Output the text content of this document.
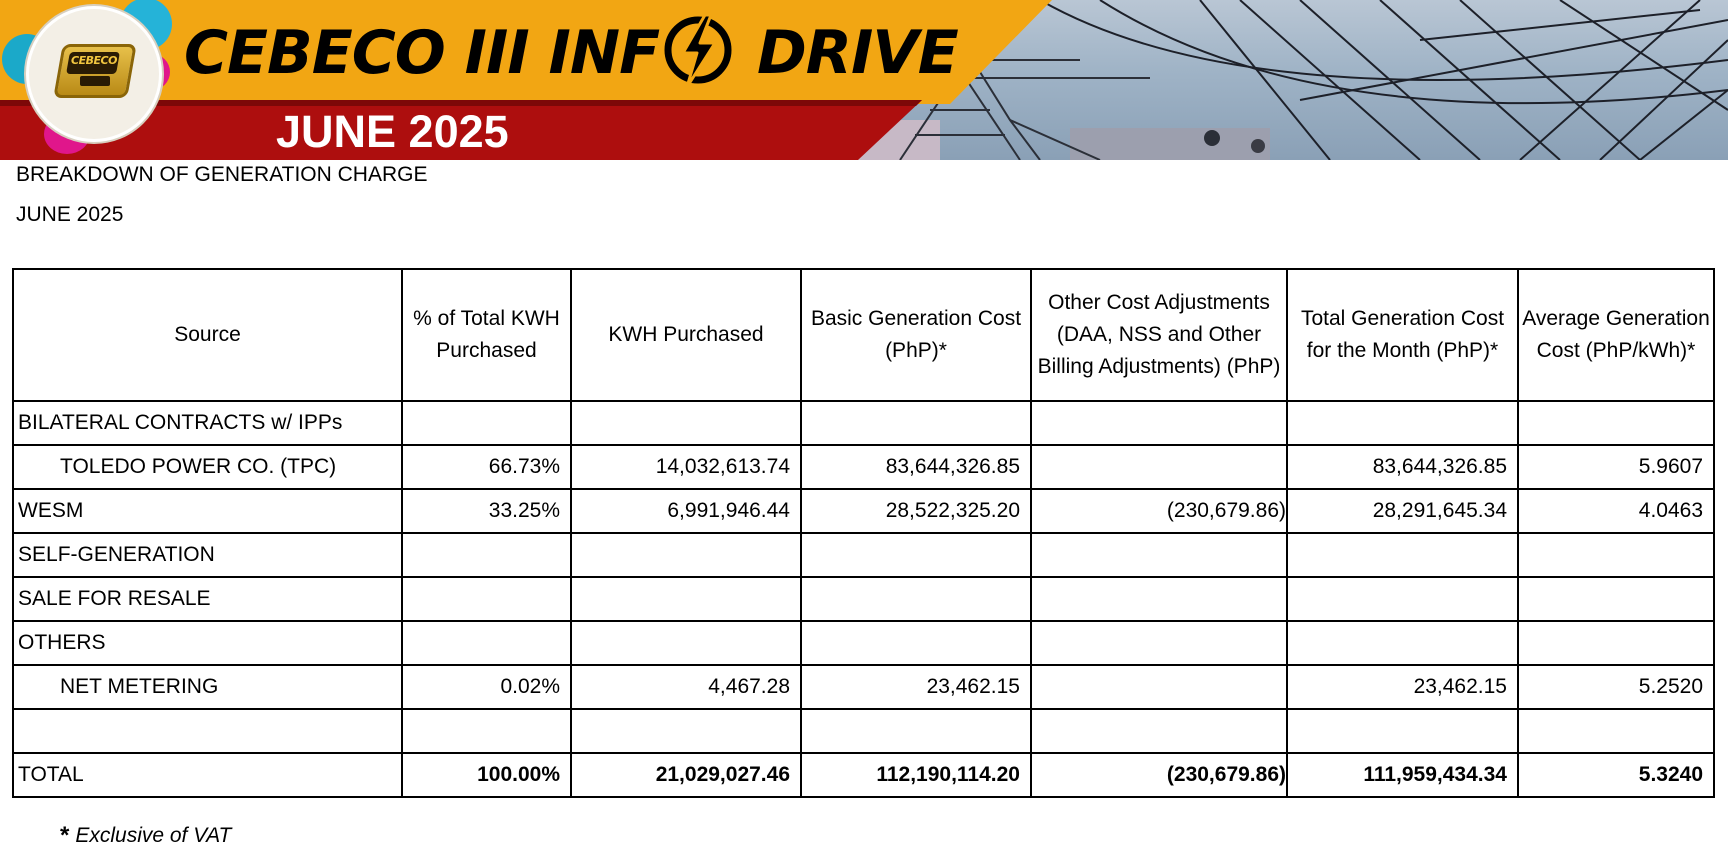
CEBECO CEBECO III INF DRIVE
JUNE 2025
BREAKDOWN OF GENERATION CHARGE
JUNE 2025
Source	% of Total KWH Purchased	KWH Purchased	Basic Generation Cost (PhP)*	Other Cost Adjustments (DAA, NSS and Other Billing Adjustments) (PhP)	Total Generation Cost for the Month (PhP)*	Average Generation Cost (PhP/kWh)*
BILATERAL CONTRACTS w/ IPPs						
TOLEDO POWER CO. (TPC)	66.73%	14,032,613.74	83,644,326.85		83,644,326.85	5.9607
WESM	33.25%	6,991,946.44	28,522,325.20	(230,679.86)	28,291,645.34	4.0463
SELF-GENERATION						
SALE FOR RESALE						
OTHERS						
NET METERING	0.02%	4,467.28	23,462.15		23,462.15	5.2520

TOTAL	100.00%	21,029,027.46	112,190,114.20	(230,679.86)	111,959,434.34	5.3240
* Exclusive of VAT
